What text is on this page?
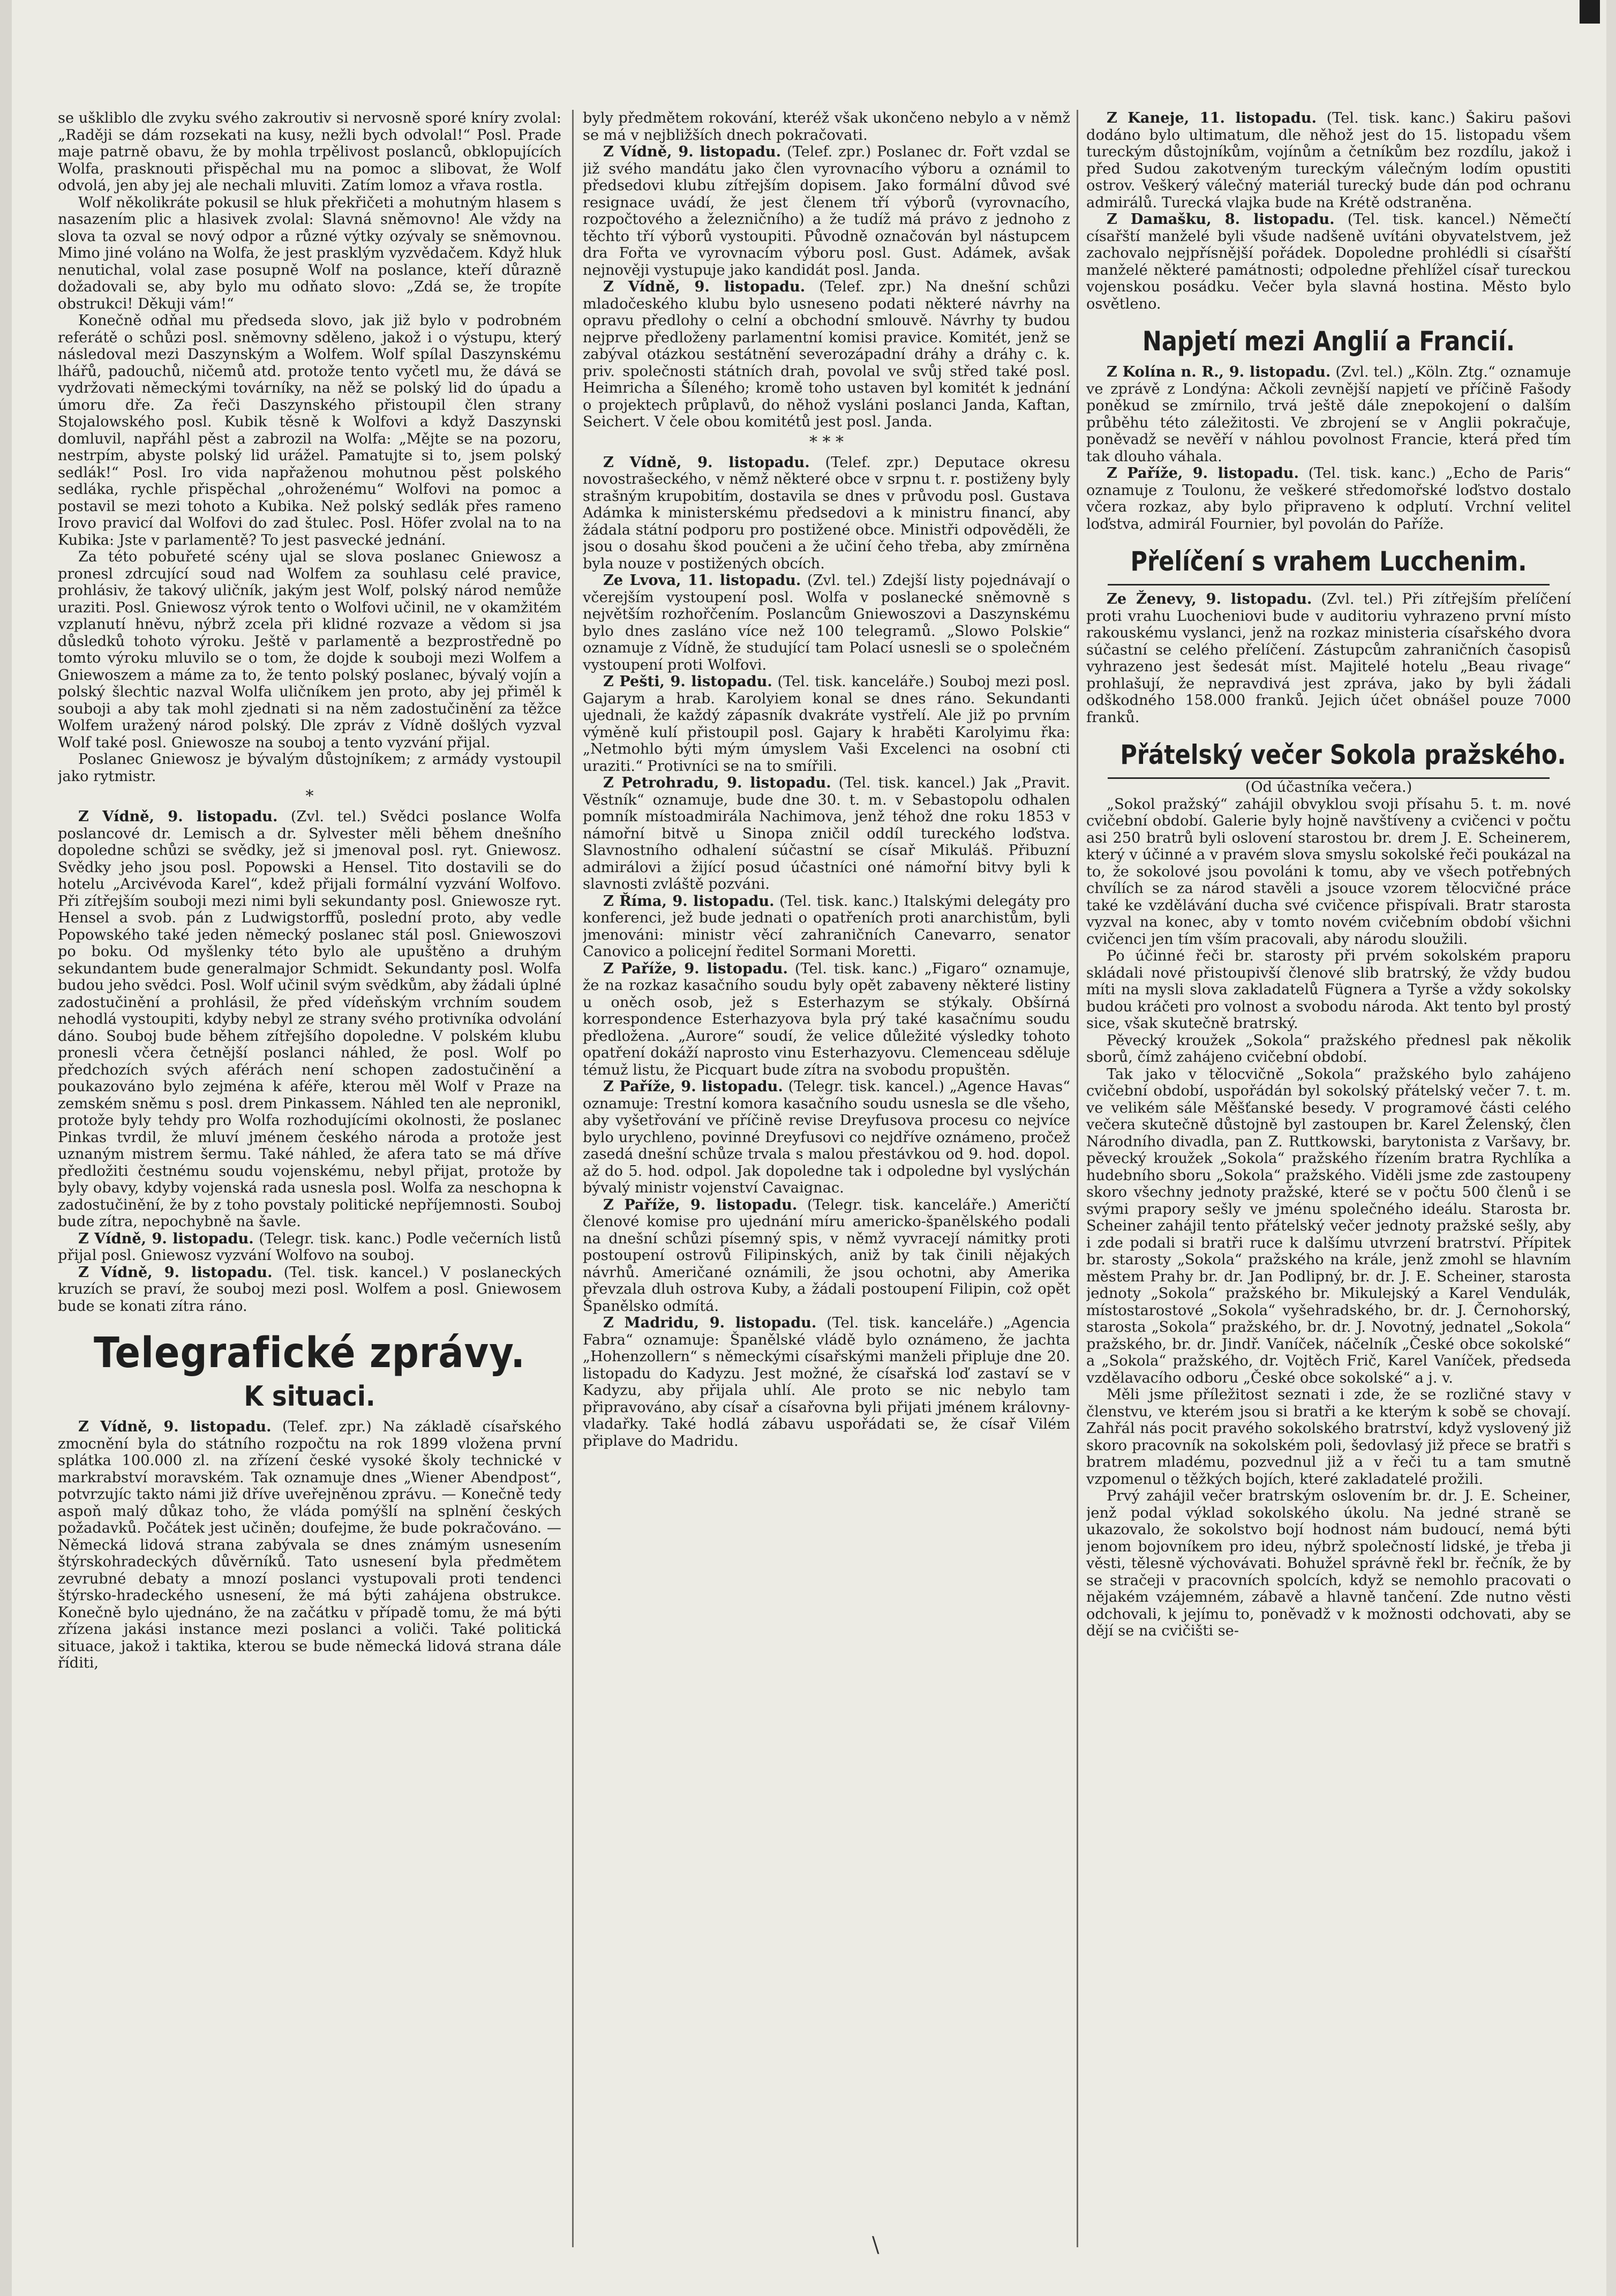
se uškliblo dle zvyku svého zakroutiv si nervosně sporé kníry zvolal: „Raději se dám rozsekati na kusy, nežli bych odvolal!“ Posl. Prade maje patrně obavu, že by mohla trpělivost poslanců, obklopujících Wolfa, prasknouti přispěchal mu na pomoc a slibovat, že Wolf odvolá, jen aby jej ale nechali mluviti. Zatím lomoz a vřava rostla.

Wolf několikráte pokusil se hluk překřičeti a mohutným hlasem s nasazením plic a hlasivek zvolal: Slavná sněmovno! Ale vždy na slova ta ozval se nový odpor a různé výtky ozývaly se sněmovnou. Mimo jiné voláno na Wolfa, že jest prasklým vyzvědačem. Když hluk nenutichal, volal zase posupně Wolf na poslance, kteří důrazně dožadovali se, aby bylo mu odňato slovo: „Zdá se, že tropíte obstrukci! Děkuji vám!“

Konečně odňal mu předseda slovo, jak již bylo v podrobném referátě o schůzi posl. sněmovny sděleno, jakož i o výstupu, který následoval mezi Daszynským a Wolfem. Wolf spílal Daszynskému lhářů, padouchů, ničemů atd. protože tento vyčetl mu, že dává se vydržovati německými továrníky, na něž se polský lid do úpadu a úmoru dře. Za řeči Daszynského přistoupil člen strany Stojalowského posl. Kubik těsně k Wolfovi a když Daszynski domluvil, napřáhl pěst a zabrozil na Wolfa: „Mějte se na pozoru, nestrpím, abyste polský lid urážel. Pamatujte si to, jsem polský sedlák!“ Posl. Iro vida napřaženou mohutnou pěst polského sedláka, rychle přispěchal „ohroženému“ Wolfovi na pomoc a postavil se mezi tohoto a Kubika. Než polský sedlák přes rameno Irovo pravicí dal Wolfovi do zad štulec. Posl. Höfer zvolal na to na Kubika: Jste v parlamentě? To jest pasvecké jednání.

Za této pobuřeté scény ujal se slova poslanec Gniewosz a pronesl zdrcující soud nad Wolfem za souhlasu celé pravice, prohlásiv, že takový uličník, jakým jest Wolf, polský národ nemůže uraziti. Posl. Gniewosz výrok tento o Wolfovi učinil, ne v okamžitém vzplanutí hněvu, nýbrž zcela při klidné rozvaze a vědom si jsa důsledků tohoto výroku. Ještě v parlamentě a bezprostředně po tomto výroku mluvilo se o tom, že dojde k souboji mezi Wolfem a Gniewoszem a máme za to, že tento polský poslanec, bývalý vojín a polský šlechtic nazval Wolfa uličníkem jen proto, aby jej přiměl k souboji a aby tak mohl zjednati si na něm zadostučinění za těžce Wolfem uražený národ polský. Dle zpráv z Vídně došlých vyzval Wolf také posl. Gniewosze na souboj a tento vyzvání přijal.

Poslanec Gniewosz je bývalým důstojníkem; z armády vystoupil jako rytmistr.

*

Z Vídně, 9. listopadu. (Zvl. tel.) Svědci poslance Wolfa poslancové dr. Lemisch a dr. Sylvester měli během dnešního dopoledne schůzi se svědky, jež si jmenoval posl. ryt. Gniewosz. Svědky jeho jsou posl. Popowski a Hensel. Tito dostavili se do hotelu „Arcivévoda Karel“, kdež přijali formální vyzvání Wolfovo. Při zítřejším souboji mezi nimi byli sekundanty posl. Gniewosze ryt. Hensel a svob. pán z Ludwigstorffů, poslední proto, aby vedle Popowského také jeden německý poslanec stál posl. Gniewoszovi po boku. Od myšlenky této bylo ale upuštěno a druhým sekundantem bude generalmajor Schmidt. Sekundanty posl. Wolfa budou jeho svědci. Posl. Wolf učinil svým svědkům, aby žádali úplné zadostučinění a prohlásil, že před vídeňským vrchním soudem nehodlá vystoupiti, kdyby nebyl ze strany svého protivníka odvolání dáno. Souboj bude během zítřejšího dopoledne. V polském klubu pronesli včera četnější poslanci náhled, že posl. Wolf po předchozích svých aférách není schopen zadostučinění a poukazováno bylo zejména k aféře, kterou měl Wolf v Praze na zemském sněmu s posl. drem Pinkassem. Náhled ten ale nepronikl, protože byly tehdy pro Wolfa rozhodujícími okolnosti, že poslanec Pinkas tvrdil, že mluví jménem českého národa a protože jest uznaným mistrem šermu. Také náhled, že afera tato se má dříve předložiti čestnému soudu vojenskému, nebyl přijat, protože by byly obavy, kdyby vojenská rada usnesla posl. Wolfa za neschopna k zadostučinění, že by z toho povstaly politické nepříjemnosti. Souboj bude zítra, nepochybně na šavle.

Z Vídně, 9. listopadu. (Telegr. tisk. kanc.) Podle večerních listů přijal posl. Gniewosz vyzvání Wolfovo na souboj.

Z Vídně, 9. listopadu. (Tel. tisk. kancel.) V poslaneckých kruzích se praví, že souboj mezi posl. Wolfem a posl. Gniewosem bude se konati zítra ráno.

Telegrafické zprávy.
K situaci.

Z Vídně, 9. listopadu. (Telef. zpr.) Na základě císařského zmocnění byla do státního rozpočtu na rok 1899 vložena první splátka 100.000 zl. na zřízení české vysoké školy technické v markrabství moravském. Tak oznamuje dnes „Wiener Abendpost“, potvrzujíc takto námi již dříve uveřejněnou zprávu. — Konečně tedy aspoň malý důkaz toho, že vláda pomýšlí na splnění českých požadavků. Počátek jest učiněn; doufejme, že bude pokračováno. — Německá lidová strana zabývala se dnes známým usnesením štýrskohradeckých důvěrníků. Tato usnesení byla předmětem zevrubné debaty a mnozí poslanci vystupovali proti tendenci štýrsko-hradeckého usnesení, že má býti zahájena obstrukce. Konečně bylo ujednáno, že na začátku v případě tomu, že má býti zřízena jakási instance mezi poslanci a voliči. Také politická situace, jakož i taktika, kterou se bude německá lidová strana dále říditi,

byly předmětem rokování, kteréž však ukončeno nebylo a v němž se má v nejbližších dnech pokračovati.

Z Vídně, 9. listopadu. (Telef. zpr.) Poslanec dr. Fořt vzdal se již svého mandátu jako člen vyrovnacího výboru a oznámil to předsedovi klubu zítřejším dopisem. Jako formální důvod své resignace uvádí, že jest členem tří výborů (vyrovnacího, rozpočtového a železničního) a že tudíž má právo z jednoho z těchto tří výborů vystoupiti. Původně označován byl nástupcem dra Fořta ve vyrovnacím výboru posl. Gust. Adámek, avšak nejnověji vystupuje jako kandidát posl. Janda.

Z Vídně, 9. listopadu. (Telef. zpr.) Na dnešní schůzi mladočeského klubu bylo usneseno podati některé návrhy na opravu předlohy o celní a obchodní smlouvě. Návrhy ty budou nejprve předloženy parlamentní komisi pravice. Komitét, jenž se zabýval otázkou sestátnění severozápadní dráhy a dráhy c. k. priv. společnosti státních drah, povolal ve svůj střed také posl. Heimricha a Šíleného; kromě toho ustaven byl komitét k jednání o projektech průplavů, do něhož vysláni poslanci Janda, Kaftan, Seichert. V čele obou komitétů jest posl. Janda.

* * *

Z Vídně, 9. listopadu. (Telef. zpr.) Deputace okresu novostrašeckého, v němž některé obce v srpnu t. r. postiženy byly strašným krupobitím, dostavila se dnes v průvodu posl. Gustava Adámka k ministerskému předsedovi a k ministru financí, aby žádala státní podporu pro postižené obce. Ministři odpověděli, že jsou o dosahu škod poučeni a že učiní čeho třeba, aby zmírněna byla nouze v postižených obcích.

Ze Lvova, 11. listopadu. (Zvl. tel.) Zdejší listy pojednávají o včerejším vystoupení posl. Wolfa v poslanecké sněmovně s největším rozhořčením. Poslancům Gniewoszovi a Daszynskému bylo dnes zasláno více než 100 telegramů. „Slowo Polskie“ oznamuje z Vídně, že studující tam Polací usnesli se o společném vystoupení proti Wolfovi.

Z Pešti, 9. listopadu. (Tel. tisk. kanceláře.) Souboj mezi posl. Gajarym a hrab. Karolyiem konal se dnes ráno. Sekundanti ujednali, že každý zápasník dvakráte vystřelí. Ale již po prvním výměně kulí přistoupil posl. Gajary k hraběti Karolyimu řka: „Netmohlo býti mým úmyslem Vaši Excelenci na osobní cti uraziti.“ Protivníci se na to smířili.

Z Petrohradu, 9. listopadu. (Tel. tisk. kancel.) Jak „Pravit. Věstník“ oznamuje, bude dne 30. t. m. v Sebastopolu odhalen pomník místoadmirála Nachimova, jenž téhož dne roku 1853 v námořní bitvě u Sinopa zničil oddíl tureckého loďstva. Slavnostního odhalení súčastní se císař Mikuláš. Přibuzní admirálovi a žijící posud účastníci oné námořní bitvy byli k slavnosti zvláště pozváni.

Z Říma, 9. listopadu. (Tel. tisk. kanc.) Italskými delegáty pro konferenci, jež bude jednati o opatřeních proti anarchistům, byli jmenováni: ministr věcí zahraničních Canevarro, senator Canovico a policejní ředitel Sormani Moretti.

Z Paříže, 9. listopadu. (Tel. tisk. kanc.) „Figaro“ oznamuje, že na rozkaz kasačního soudu byly opět zabaveny některé listiny u oněch osob, jež s Esterhazym se stýkaly. Obšírná korrespondence Esterhazyova byla prý také kasačnímu soudu předložena. „Aurore“ soudí, že velice důležité výsledky tohoto opatření dokáží naprosto vinu Esterhazyovu. Clemenceau sděluje témuž listu, že Picquart bude zítra na svobodu propuštěn.

Z Paříže, 9. listopadu. (Telegr. tisk. kancel.) „Agence Havas“ oznamuje: Trestní komora kasačního soudu usnesla se dle všeho, aby vyšetřování ve příčině revise Dreyfusova procesu co nejvíce bylo urychleno, povinné Dreyfusovi co nejdříve oznámeno, pročež zasedá dnešní schůze trvala s malou přestávkou od 9. hod. dopol. až do 5. hod. odpol. Jak dopoledne tak i odpoledne byl vyslýchán bývalý ministr vojenství Cavaignac.

Z Paříže, 9. listopadu. (Telegr. tisk. kanceláře.) Američtí členové komise pro ujednání míru americko-španělského podali na dnešní schůzi písemný spis, v němž vyvracejí námitky proti postoupení ostrovů Filipinských, aniž by tak činili nějakých návrhů. Američané oznámili, že jsou ochotni, aby Amerika převzala dluh ostrova Kuby, a žádali postoupení Filipin, což opět Španělsko odmítá.

Z Madridu, 9. listopadu. (Tel. tisk. kanceláře.) „Agencia Fabra“ oznamuje: Španělské vládě bylo oznámeno, že jachta „Hohenzollern“ s německými císařskými manželi připluje dne 20. listopadu do Kadyzu. Jest možné, že císařská loď zastaví se v Kadyzu, aby přijala uhlí. Ale proto se nic nebylo tam připravováno, aby císař a císařovna byli přijati jménem královny-vladařky. Také hodlá zábavu uspořádati se, že císař Vilém připlave do Madridu.

Z Kaneje, 11. listopadu. (Tel. tisk. kanc.) Šakiru pašovi dodáno bylo ultimatum, dle něhož jest do 15. listopadu všem tureckým důstojníkům, vojínům a četníkům bez rozdílu, jakož i před Sudou zakotveným tureckým válečným lodím opustiti ostrov. Veškerý válečný materiál turecký bude dán pod ochranu admirálů. Turecká vlajka bude na Krétě odstraněna.

Z Damašku, 8. listopadu. (Tel. tisk. kancel.) Němečtí císařští manželé byli všude nadšeně uvítáni obyvatelstvem, jež zachovalo nejpřísnější pořádek. Dopoledne prohlédli si císařští manželé některé památnosti; odpoledne přehlížel císař tureckou vojenskou posádku. Večer byla slavná hostina. Město bylo osvětleno.

Napjetí mezi Anglií a Francií.

Z Kolína n. R., 9. listopadu. (Zvl. tel.) „Köln. Ztg.“ oznamuje ve zprávě z Londýna: Ačkoli zevnější napjetí ve příčině Fašody poněkud se zmírnilo, trvá ještě dále znepokojení o dalším průběhu této záležitosti. Ve zbrojení se v Anglii pokračuje, poněvadž se nevěří v náhlou povolnost Francie, která před tím tak dlouho váhala.

Z Paříže, 9. listopadu. (Tel. tisk. kanc.) „Echo de Paris“ oznamuje z Toulonu, že veškeré středomořské loďstvo dostalo včera rozkaz, aby bylo připraveno k odplutí. Vrchní velitel loďstva, admirál Fournier, byl povolán do Paříže.

Přelíčení s vrahem Lucchenim.

Ze Ženevy, 9. listopadu. (Zvl. tel.) Při zítřejším přelíčení proti vrahu Luocheniovi bude v auditoriu vyhrazeno první místo rakouskému vyslanci, jenž na rozkaz ministeria císařského dvora súčastní se celého přelíčení. Zástupcům zahraničních časopisů vyhrazeno jest šedesát míst. Majitelé hotelu „Beau rivage“ prohlašují, že nepravdivá jest zpráva, jako by byli žádali odškodného 158.000 franků. Jejich účet obnášel pouze 7000 franků.

Přátelský večer Sokola pražského.

(Od účastníka večera.)

„Sokol pražský“ zahájil obvyklou svoji přísahu 5. t. m. nové cvičební období. Galerie byly hojně navštíveny a cvičenci v počtu asi 250 bratrů byli oslovení starostou br. drem J. E. Scheinerem, který v účinné a v pravém slova smyslu sokolské řeči poukázal na to, že sokolové jsou povoláni k tomu, aby ve všech potřebných chvílích se za národ stavěli a jsouce vzorem tělocvičné práce také ke vzdělávání ducha své cvičence přispívali. Bratr starosta vyzval na konec, aby v tomto novém cvičebním období všichni cvičenci jen tím vším pracovali, aby národu sloužili.

Po účinné řeči br. starosty při prvém sokolském praporu skládali nové přistoupivší členové slib bratrský, že vždy budou míti na mysli slova zakladatelů Fügnera a Tyrše a vždy sokolsky budou kráčeti pro volnost a svobodu národa. Akt tento byl prostý sice, však skutečně bratrský.

Pěvecký kroužek „Sokola“ pražského přednesl pak několik sborů, čímž zahájeno cvičební období.

Tak jako v tělocvičně „Sokola“ pražského bylo zahájeno cvičební období, uspořádán byl sokolský přátelský večer 7. t. m. ve velikém sále Měšťanské besedy. V programové části celého večera skutečně důstojně byl zastoupen br. Karel Želenský, člen Národního divadla, pan Z. Ruttkowski, barytonista z Varšavy, br. pěvecký kroužek „Sokola“ pražského řízením bratra Rychlíka a hudebního sboru „Sokola“ pražského. Viděli jsme zde zastoupeny skoro všechny jednoty pražské, které se v počtu 500 členů i se svými prapory sešly ve jménu společného ideálu. Starosta br. Scheiner zahájil tento přátelský večer jednoty pražské sešly, aby i zde podali si bratři ruce k dalšímu utvrzení bratrství. Přípitek br. starosty „Sokola“ pražského na krále, jenž zmohl se hlavním městem Prahy br. dr. Jan Podlipný, br. dr. J. E. Scheiner, starosta jednoty „Sokola“ pražského br. Mikulejský a Karel Vendulák, místostarostové „Sokola“ vyšehradského, br. dr. J. Černohorský, starosta „Sokola“ pražského, br. dr. J. Novotný, jednatel „Sokola“ pražského, br. dr. Jindř. Vaníček, náčelník „České obce sokolské“ a „Sokola“ pražského, dr. Vojtěch Frič, Karel Vaníček, předseda vzdělavacího odboru „České obce sokolské“ a j. v.

Měli jsme příležitost seznati i zde, že se rozličné stavy v členstvu, ve kterém jsou si bratři a ke kterým k sobě se chovají. Zahřál nás pocit pravého sokolského bratrství, když vyslovený již skoro pracovník na sokolském poli, šedovlasý již přece se bratři s bratrem mladému, pozvednul již a v řeči tu a tam smutně vzpomenul o těžkých bojích, které zakladatelé prožili.

Prvý zahájil večer bratrským oslovením br. dr. J. E. Scheiner, jenž podal výklad sokolského úkolu. Na jedné straně se ukazovalo, že sokolstvo bojí hodnost nám budoucí, nemá býti jenom bojovníkem pro ideu, nýbrž společností lidské, je třeba ji věsti, tělesně výchovávati. Bohužel správně řekl br. řečník, že by se stračeji v pracovních spolcích, když se nemohlo pracovati o nějakém vzájemném, zábavě a hlavně tančení. Zde nutno věsti odchovali, k jejímu to, poněvadž v k možnosti odchovati, aby se dějí se na cvičišti se-

\
